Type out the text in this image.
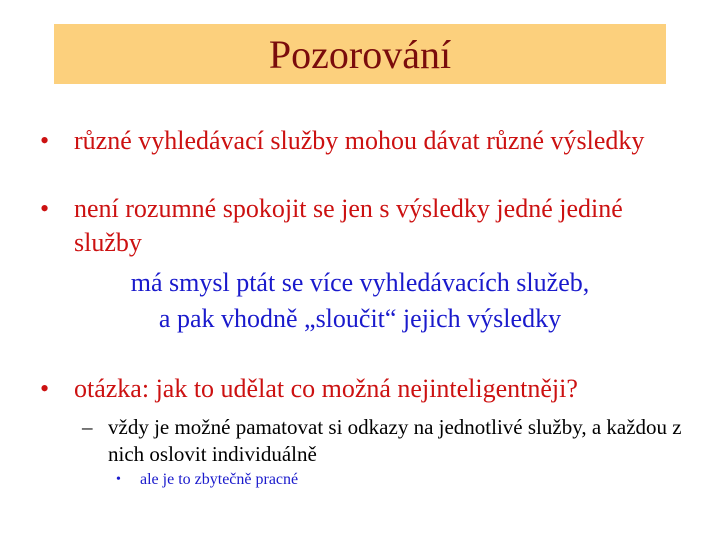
Pozorování
• různé vyhledávací služby mohou dávat různé výsledky
• není rozumné spokojit se jen s výsledky jedné jediné služby
má smysl ptát se více vyhledávacích služeb,
a pak vhodně „sloučit“ jejich výsledky
• otázka: jak to udělat co možná nejinteligentněji?
– vždy je možné pamatovat si odkazy na jednotlivé služby, a každou z nich oslovit individuálně
•	ale je to zbytečně pracné
